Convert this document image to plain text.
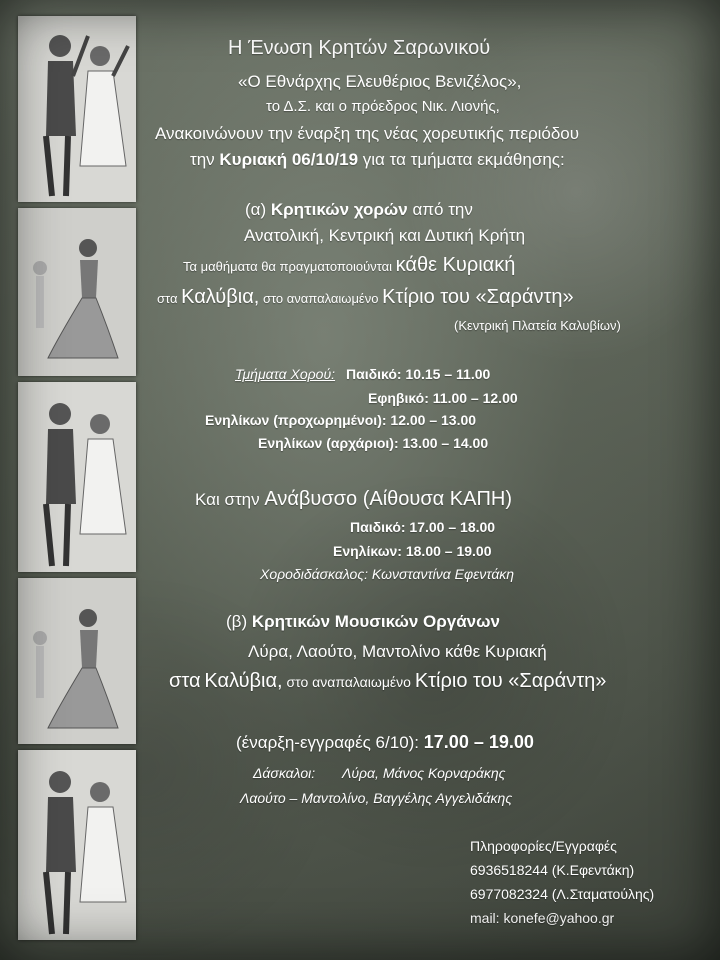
Η Ένωση Κρητών Σαρωνικού
«Ο Εθνάρχης Ελευθέριος Βενιζέλος»,
το Δ.Σ. και ο πρόεδρος Νικ. Λιονής,
Ανακοινώνουν την έναρξη της νέας χορευτικής περιόδου
την Κυριακή 06/10/19 για τα τμήματα εκμάθησης:
(α) Κρητικών χορών από την
Ανατολική, Κεντρική και Δυτική Κρήτη
Τα μαθήματα θα πραγματοποιούνται κάθε Κυριακή
στα Καλύβια, στο αναπαλαιωμένο Κτίριο του «Σαράντη»
(Κεντρική Πλατεία Καλυβίων)
Τμήματα Χορού: Παιδικό: 10.15 – 11.00
Εφηβικό: 11.00 – 12.00
Ενηλίκων (προχωρημένοι): 12.00 – 13.00
Ενηλίκων (αρχάριοι): 13.00 – 14.00
Και στην Ανάβυσσο (Αίθουσα ΚΑΠΗ)
Παιδικό: 17.00 – 18.00
Ενηλίκων: 18.00 – 19.00
Χοροδιδάσκαλος: Κωνσταντίνα Εφεντάκη
(β) Κρητικών Μουσικών Οργάνων
Λύρα, Λαούτο, Μαντολίνο κάθε Κυριακή
στα Καλύβια, στο αναπαλαιωμένο Κτίριο του «Σαράντη»
(έναρξη-εγγραφές 6/10): 17.00 – 19.00
Δάσκαλοι: Λύρα, Μάνος Κορναράκης
Λαούτο – Μαντολίνο, Βαγγέλης Αγγελιδάκης
Πληροφορίες/Εγγραφές
6936518244 (Κ.Εφεντάκη)
6977082324 (Λ.Σταματούλης)
mail: konefe@yahoo.gr
